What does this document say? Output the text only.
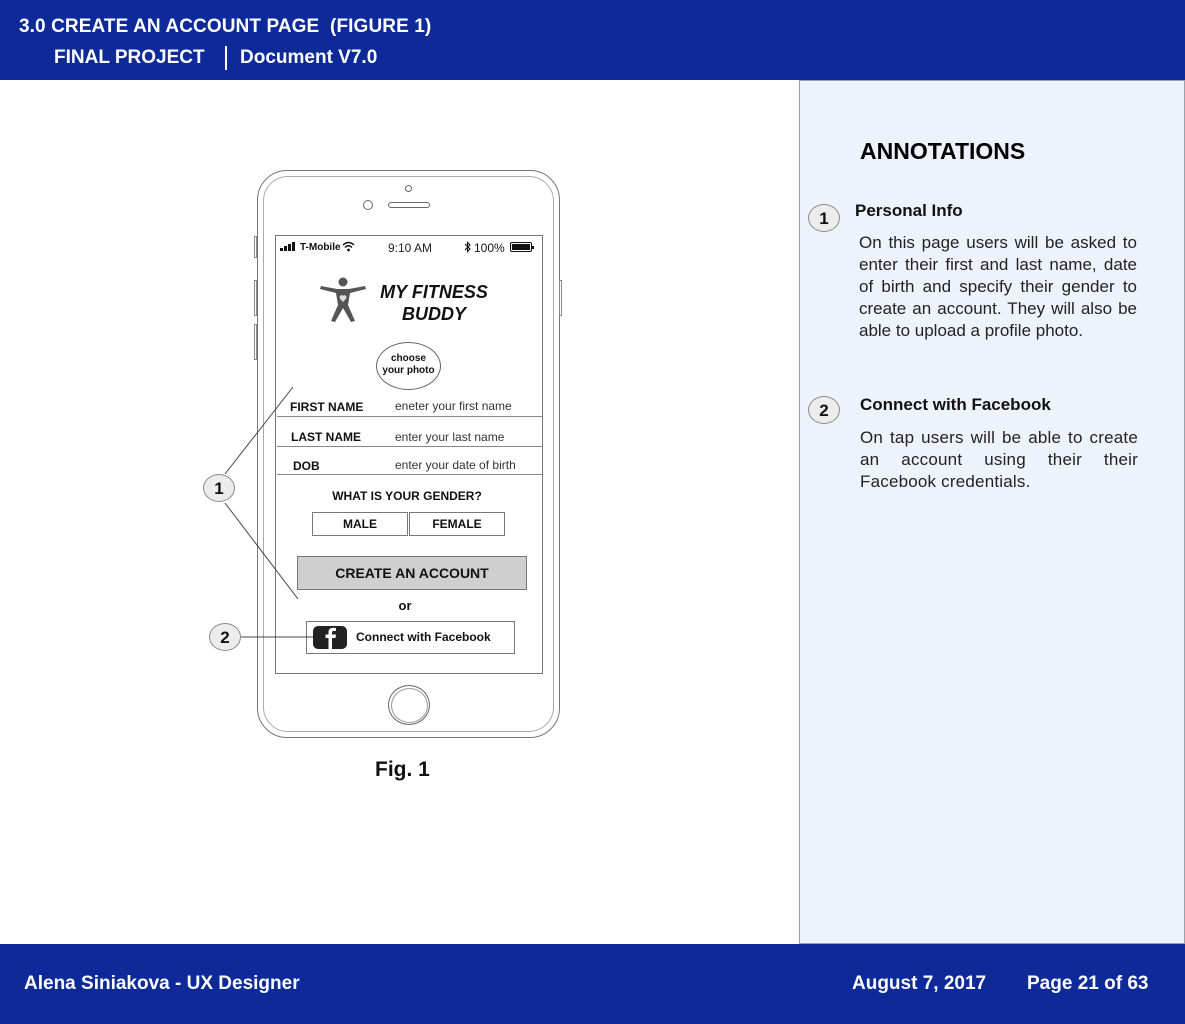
3.0 CREATE AN ACCOUNT PAGE  (FIGURE 1)
FINAL PROJECT Document V7.0
T-Mobile	9:10 AM	100%
MY FITNESS
BUDDY
choose
your photo
FIRST NAME	eneter your first name
LAST NAME	enter your last name
DOB	enter your date of birth
WHAT IS YOUR GENDER?
MALE	FEMALE
CREATE AN ACCOUNT
or
Connect with Facebook
1
2
Fig. 1
ANNOTATIONS
1	Personal Info
On this page users will be asked to enter their first and last name, date of birth and specify their gender to create an account. They will also be able to upload a profile photo.
2	Connect with Facebook
On tap users will be able to create an account using their their Facebook credentials.
Alena Siniakova - UX Designer	August 7, 2017 Page 21 of 63
